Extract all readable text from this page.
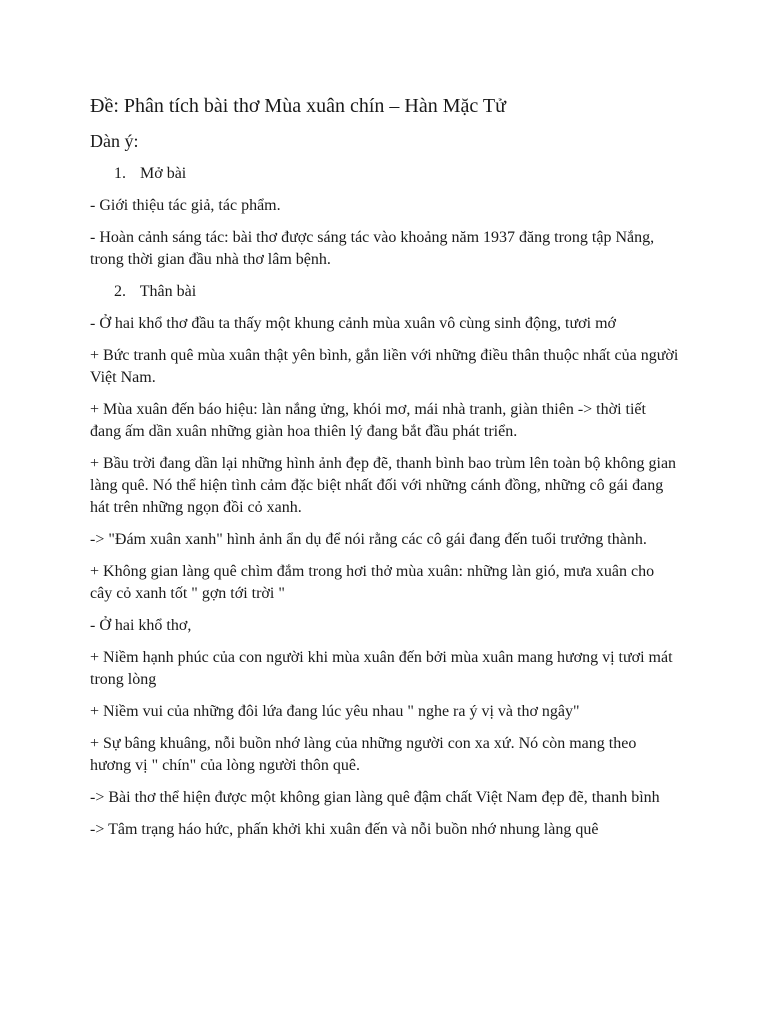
Đề: Phân tích bài thơ Mùa xuân chín – Hàn Mặc Tử
Dàn ý:
1. Mở bài

- Giới thiệu tác giả, tác phẩm.

- Hoàn cảnh sáng tác: bài thơ được sáng tác vào khoảng năm 1937 đăng trong tập Nắng, trong thời gian đầu nhà thơ lâm bệnh.

2. Thân bài

- Ở hai khổ thơ đầu ta thấy một khung cảnh mùa xuân vô cùng sinh động, tươi mớ

+ Bức tranh quê mùa xuân thật yên bình, gắn liền với những điều thân thuộc nhất của người Việt Nam.

+ Mùa xuân đến báo hiệu: làn nắng ửng, khói mơ, mái nhà tranh, giàn thiên -> thời tiết đang ấm dần xuân những giàn hoa thiên lý đang bắt đầu phát triển.

+ Bầu trời đang dần lại những hình ảnh đẹp đẽ, thanh bình bao trùm lên toàn bộ không gian làng quê. Nó thể hiện tình cảm đặc biệt nhất đối với những cánh đồng, những cô gái đang hát trên những ngọn đồi cỏ xanh.

-> "Đám xuân xanh" hình ảnh ẩn dụ để nói rằng các cô gái đang đến tuổi trưởng thành.

+ Không gian làng quê chìm đắm trong hơi thở mùa xuân: những làn gió, mưa xuân cho cây cỏ xanh tốt " gợn tới trời "

- Ở hai khổ thơ,

+ Niềm hạnh phúc của con người khi mùa xuân đến bởi mùa xuân mang hương vị tươi mát trong lòng

+ Niềm vui của những đôi lứa đang lúc yêu nhau " nghe ra ý vị và thơ ngây"

+ Sự bâng khuâng, nỗi buồn nhớ làng của những người con xa xứ. Nó còn mang theo hương vị " chín" của lòng người thôn quê.

-> Bài thơ thể hiện được một không gian làng quê đậm chất Việt Nam đẹp đẽ, thanh bình

-> Tâm trạng háo hức, phấn khởi khi xuân đến và nỗi buồn nhớ nhung làng quê
